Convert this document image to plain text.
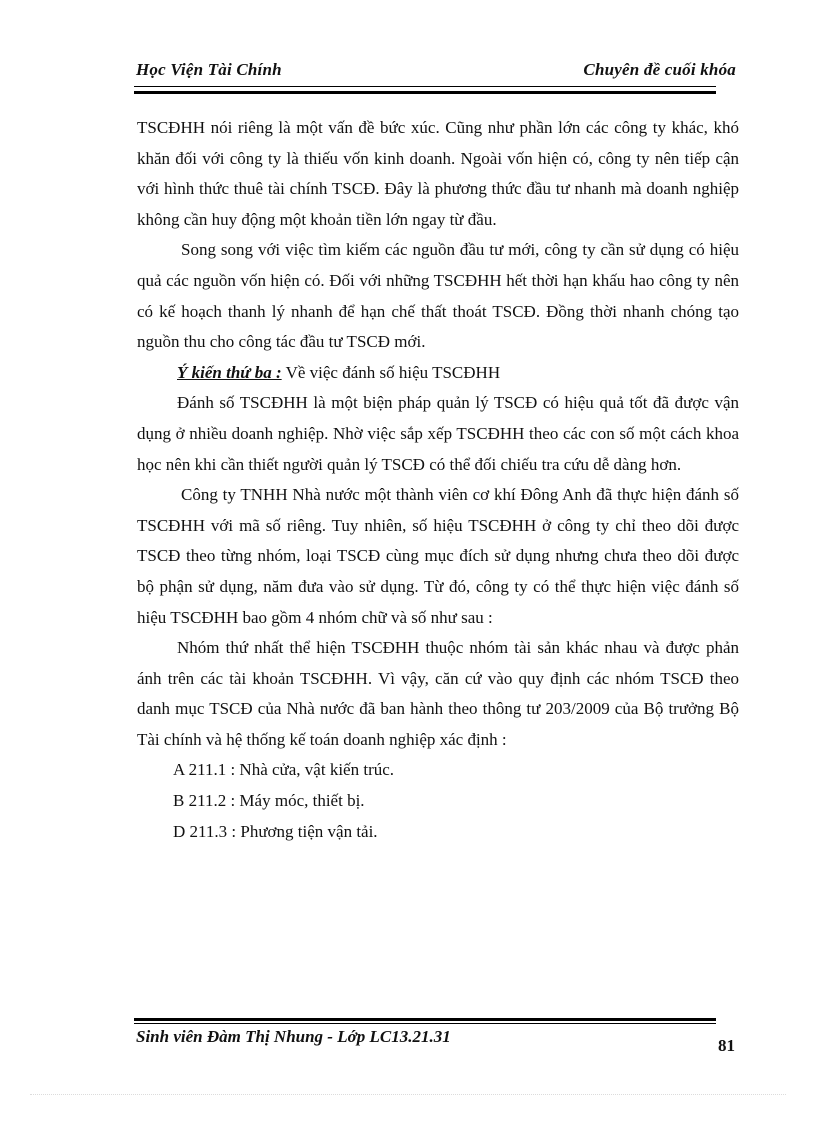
Học Viện Tài Chính	Chuyên đề cuối khóa

TSCĐHH nói riêng là một vấn đề bức xúc. Cũng như phần lớn các công ty khác, khó khăn đối với công ty là thiếu vốn kinh doanh. Ngoài vốn hiện có, công ty nên tiếp cận với hình thức thuê tài chính TSCĐ. Đây là phương thức đầu tư nhanh mà doanh nghiệp không cần huy động một khoản tiền lớn ngay từ đầu.

Song song với việc tìm kiếm các nguồn đầu tư mới, công ty cần sử dụng có hiệu quả các nguồn vốn hiện có. Đối với những TSCĐHH hết thời hạn khấu hao công ty nên có kế hoạch thanh lý nhanh để hạn chế thất thoát TSCĐ. Đồng thời nhanh chóng tạo nguồn thu cho công tác đầu tư TSCĐ mới.

Ý kiến thứ ba : Về việc đánh số hiệu TSCĐHH

Đánh số TSCĐHH là một biện pháp quản lý TSCĐ có hiệu quả tốt đã được vận dụng ở nhiều doanh nghiệp. Nhờ việc sắp xếp TSCĐHH theo các con số một cách khoa học nên khi cần thiết người quản lý TSCĐ có thể đối chiếu tra cứu dễ dàng hơn.

Công ty TNHH Nhà nước một thành viên cơ khí Đông Anh đã thực hiện đánh số TSCĐHH với mã số riêng. Tuy nhiên, số hiệu TSCĐHH ở công ty chỉ theo dõi được TSCĐ theo từng nhóm, loại TSCĐ cùng mục đích sử dụng nhưng chưa theo dõi được bộ phận sử dụng, năm đưa vào sử dụng. Từ đó, công ty có thể thực hiện việc đánh số hiệu TSCĐHH bao gồm 4 nhóm chữ và số như sau :

Nhóm thứ nhất thể hiện TSCĐHH thuộc nhóm tài sản khác nhau và được phản ánh trên các tài khoản TSCĐHH. Vì vậy, căn cứ vào quy định các nhóm TSCĐ theo danh mục TSCĐ của Nhà nước đã ban hành theo thông tư 203/2009 của Bộ trưởng Bộ Tài chính và hệ thống kế toán doanh nghiệp xác định :

A 211.1 : Nhà cửa, vật kiến trúc.

B 211.2 : Máy móc, thiết bị.

D 211.3 : Phương tiện vận tải.

Sinh viên Đàm Thị Nhung - Lớp LC13.21.31	81
